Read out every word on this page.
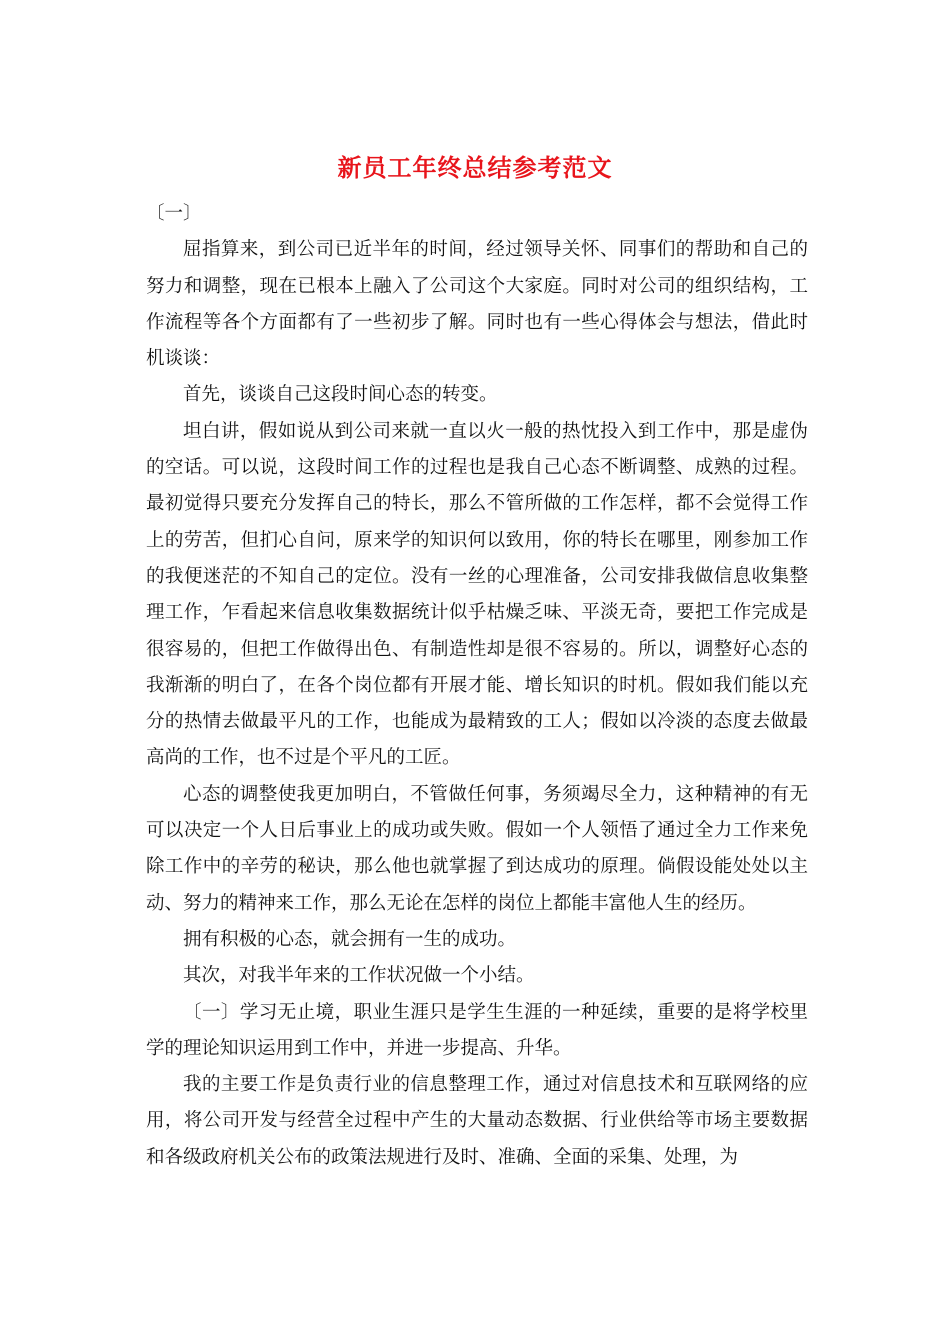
新员工年终总结参考范文

〔一〕

屈指算来，到公司已近半年的时间，经过领导关怀、同事们的帮助和自己的努力和调整，现在已根本上融入了公司这个大家庭。同时对公司的组织结构，工作流程等各个方面都有了一些初步了解。同时也有一些心得体会与想法，借此时机谈谈：

首先，谈谈自己这段时间心态的转变。

坦白讲，假如说从到公司来就一直以火一般的热忱投入到工作中，那是虚伪的空话。可以说，这段时间工作的过程也是我自己心态不断调整、成熟的过程。最初觉得只要充分发挥自己的特长，那么不管所做的工作怎样，都不会觉得工作上的劳苦，但扪心自问，原来学的知识何以致用，你的特长在哪里，刚参加工作的我便迷茫的不知自己的定位。没有一丝的心理准备，公司安排我做信息收集整理工作，乍看起来信息收集数据统计似乎枯燥乏味、平淡无奇，要把工作完成是很容易的，但把工作做得出色、有制造性却是很不容易的。所以，调整好心态的我渐渐的明白了，在各个岗位都有开展才能、增长知识的时机。假如我们能以充分的热情去做最平凡的工作，也能成为最精致的工人；假如以冷淡的态度去做最高尚的工作，也不过是个平凡的工匠。

心态的调整使我更加明白，不管做任何事，务须竭尽全力，这种精神的有无可以决定一个人日后事业上的成功或失败。假如一个人领悟了通过全力工作来免除工作中的辛劳的秘诀，那么他也就掌握了到达成功的原理。倘假设能处处以主动、努力的精神来工作，那么无论在怎样的岗位上都能丰富他人生的经历。

拥有积极的心态，就会拥有一生的成功。

其次，对我半年来的工作状况做一个小结。

〔一〕学习无止境，职业生涯只是学生生涯的一种延续，重要的是将学校里学的理论知识运用到工作中，并进一步提高、升华。

我的主要工作是负责行业的信息整理工作，通过对信息技术和互联网络的应用，将公司开发与经营全过程中产生的大量动态数据、行业供给等市场主要数据和各级政府机关公布的政策法规进行及时、准确、全面的采集、处理，为
